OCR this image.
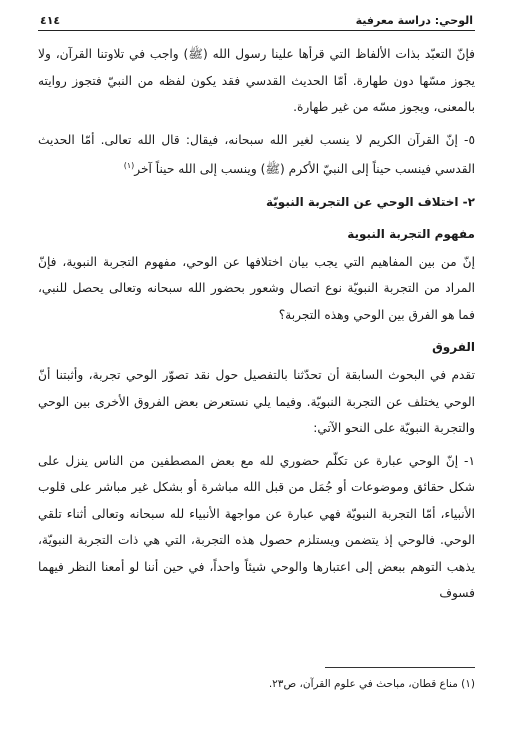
الوحي: دراسة معرفية
٤١٤

فإنّ التعبّد بذات الألفاظ التي قرأها علينا رسول الله (ﷺ) واجب في تلاوتنا القرآن، ولا يجوز مسّها دون طهارة. أمّا الحديث القدسي فقد يكون لفظه من النبيّ فتجوز روايته بالمعنى، ويجوز مسّه من غير طهارة.

٥- إنّ القرآن الكريم لا ينسب لغير الله سبحانه، فيقال: قال الله تعالى. أمّا الحديث القدسي فينسب حيناً إلى النبيّ الأكرم (ﷺ) وينسب إلى الله حيناً آخر$^{(١)}$

٢- اختلاف الوحي عن التجربة النبويّة
مفهوم التجربة النبوية

إنّ من بين المفاهيم التي يجب بيان اختلافها عن الوحي، مفهوم التجربة النبوية، فإنّ المراد من التجربة النبويّة نوع اتصال وشعور بحضور الله سبحانه وتعالى يحصل للنبي، فما هو الفرق بين الوحي وهذه التجربة؟

الفروق

تقدم في البحوث السابقة أن تحدّثنا بالتفصيل حول نقد تصوّر الوحي تجربة، وأثبتنا أنّ الوحي يختلف عن التجربة النبويّة. وفيما يلي نستعرض بعض الفروق الأخرى بين الوحي والتجربة النبويّة على النحو الآتي:

١- إنّ الوحي عبارة عن تكلّم حضوري لله مع بعض المصطفين من الناس ينزل على شكل حقائق وموضوعات أو جُمَل من قبل الله مباشرة أو بشكل غير مباشر على قلوب الأنبياء، أمّا التجربة النبويّة فهي عبارة عن مواجهة الأنبياء لله سبحانه وتعالى أثناء تلقي الوحي. فالوحي إذ يتضمن ويستلزم حصول هذه التجربة، التي هي ذات التجربة النبويّة، يذهب التوهم ببعض إلى اعتبارها والوحي شيئاً واحداً، في حين أننا لو أمعنا النظر فيهما فسوف

(١) مناع قطان، مباحث في علوم القرآن، ص٢٣.
